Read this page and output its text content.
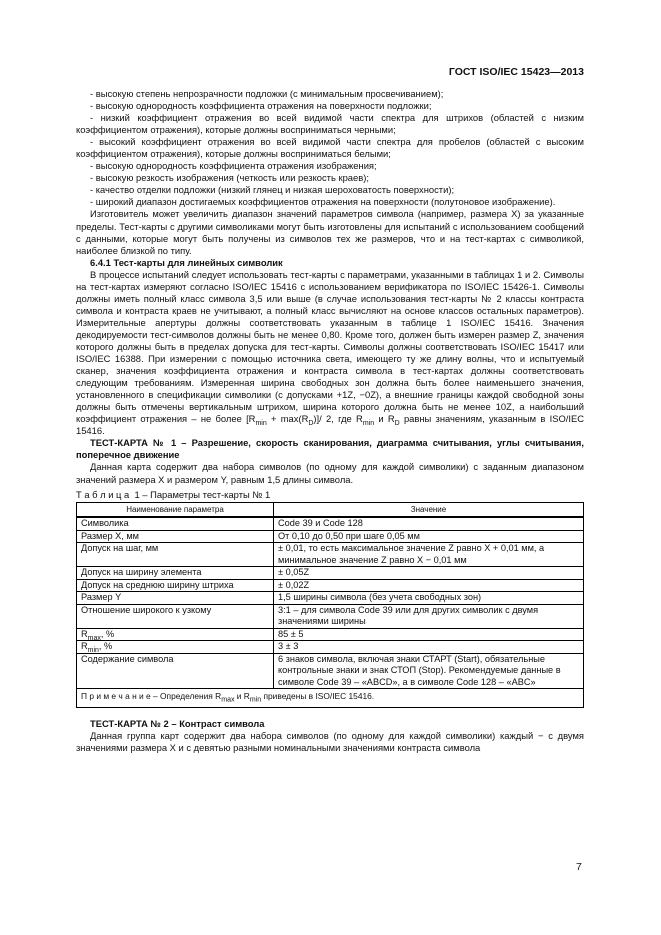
ГОСТ ISO/IEC 15423—2013

- высокую степень непрозрачности подложки (с минимальным просвечиванием);

- высокую однородность коэффициента отражения на поверхности подложки;

- низкий коэффициент отражения во всей видимой части спектра для штрихов (областей с низким коэффициентом отражения), которые должны восприниматься черными;

- высокий коэффициент отражения во всей видимой части спектра для пробелов (областей с высоким коэффициентом отражения), которые должны восприниматься белыми;

- высокую однородность коэффициента отражения изображения;

- высокую резкость изображения (четкость или резкость краев);

- качество отделки подложки (низкий глянец и низкая шероховатость поверхности);

- широкий диапазон достигаемых коэффициентов отражения на поверхности (полутоновое изображение).

Изготовитель может увеличить диапазон значений параметров символа (например, размера X) за указанные пределы. Тест-карты с другими символиками могут быть изготовлены для испытаний с использованием сообщений с данными, которые могут быть получены из символов тех же размеров, что и на тест-картах с символикой, наиболее близкой по типу.

6.4.1 Тест-карты для линейных символик

В процессе испытаний следует использовать тест-карты с параметрами, указанными в таблицах 1 и 2. Символы на тест-картах измеряют согласно ISO/IEC 15416 с использованием верификатора по ISO/IEC 15426-1. Символы должны иметь полный класс символа 3,5 или выше (в случае использования тест-карты № 2 классы контраста символа и контраста краев не учитывают, а полный класс вычисляют на основе классов остальных параметров). Измерительные апертуры должны соответствовать указанным в таблице 1 ISO/IEC 15416. Значения декодируемости тест-символов должны быть не менее 0,80. Кроме того, должен быть измерен размер Z, значения которого должны быть в пределах допуска для тест-карты. Символы должны соответствовать ISO/IEC 15417 или ISO/IEC 16388. При измерении с помощью источника света, имеющего ту же длину волны, что и испытуемый сканер, значения коэффициента отражения и контраста символа в тест-картах должны соответствовать следующим требованиям. Измеренная ширина свободных зон должна быть более наименьшего значения, установленного в спецификации символики (с допусками +1Z, −0Z), а внешние границы каждой свободной зоны должны быть отмечены вертикальным штрихом, ширина которого должна быть не менее 10Z, а наибольший коэффициент отражения – не более $[R_{min} + \max(R_D)]/$ 2, где $R_{min}$ и $R_D$ равны значениям, указанным в ISO/IEC 15416.

ТЕСТ-КАРТА № 1 – Разрешение, скорость сканирования, диаграмма считывания, углы считывания, поперечное движение

Данная карта содержит два набора символов (по одному для каждой символики) с заданным диапазоном значений размера X и размером Y, равным 1,5 длины символа.

Т а б л и ц а  1 – Параметры тест-карты № 1

Наименование параметра	Значение
Символика	Code 39 и Code 128
Размер X, мм	От 0,10 до 0,50 при шаге 0,05 мм
Допуск на шаг, мм	± 0,01, то есть максимальное значение Z равно X + 0,01 мм, а минимальное значение Z равно X − 0,01 мм
Допуск на ширину элемента	± 0,05Z
Допуск на среднюю ширину штриха	± 0,02Z
Размер Y	1,5 ширины символа (без учета свободных зон)
Отношение широкого к узкому	3:1 – для символа Code 39 или для других символик с двумя значениями ширины
$R_{max}$, %	85 ± 5
$R_{min}$, %	3 ± 3
Содержание символа	6 знаков символа, включая знаки СТАРТ (Start), обязательные контрольные знаки и знак СТОП (Stop). Рекомендуемые данные в символе Code 39 – «ABCD», а в символе Code 128 – «ABC»
П р и м е ч а н и е – Определения $R_{max}$ и $R_{min}$ приведены в ISO/IEC 15416.	

ТЕСТ-КАРТА № 2 – Контраст символа

Данная группа карт содержит два набора символов (по одному для каждой символики) каждый − с двумя значениями размера X и с девятью разными номинальными значениями контраста символа

7
